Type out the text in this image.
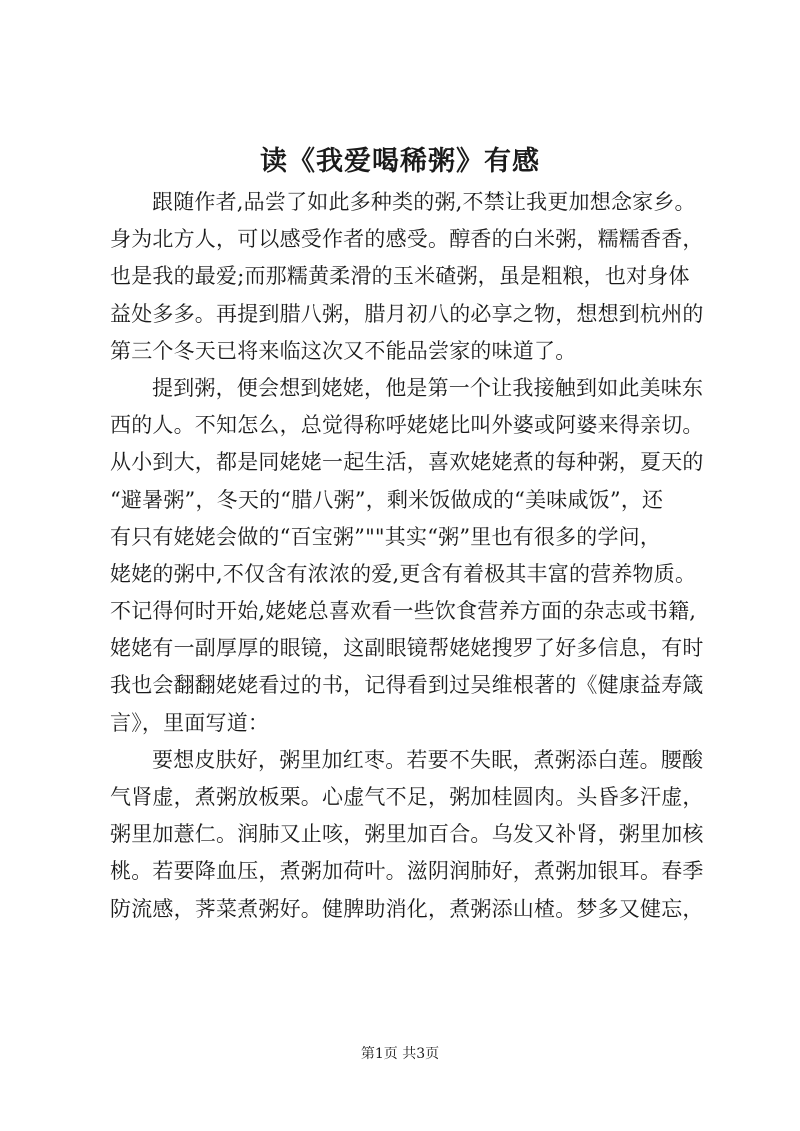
读《我爱喝稀粥》有感
跟随作者,品尝了如此多种类的粥,不禁让我更加想念家乡。
身为北方人，可以感受作者的感受。醇香的白米粥，糯糯香香，
也是我的最爱;而那糯黄柔滑的玉米碴粥，虽是粗粮，也对身体
益处多多。再提到腊八粥，腊月初八的必享之物，想想到杭州的
第三个冬天已将来临这次又不能品尝家的味道了。
提到粥，便会想到姥姥，他是第一个让我接触到如此美味东
西的人。不知怎么，总觉得称呼姥姥比叫外婆或阿婆来得亲切。
从小到大，都是同姥姥一起生活，喜欢姥姥煮的每种粥，夏天的
“避暑粥”，冬天的“腊八粥”，剩米饭做成的“美味咸饭”，还
有只有姥姥会做的“百宝粥”""其实“粥”里也有很多的学问，
姥姥的粥中,不仅含有浓浓的爱,更含有着极其丰富的营养物质。
不记得何时开始,姥姥总喜欢看一些饮食营养方面的杂志或书籍,
姥姥有一副厚厚的眼镜，这副眼镜帮姥姥搜罗了好多信息，有时
我也会翻翻姥姥看过的书，记得看到过吴维根著的《健康益寿箴
言》，里面写道：
要想皮肤好，粥里加红枣。若要不失眠，煮粥添白莲。腰酸
气肾虚，煮粥放板栗。心虚气不足，粥加桂圆肉。头昏多汗虚，
粥里加薏仁。润肺又止咳，粥里加百合。乌发又补肾，粥里加核
桃。若要降血压，煮粥加荷叶。滋阴润肺好，煮粥加银耳。春季
防流感，荠菜煮粥好。健脾助消化，煮粥添山楂。梦多又健忘，
第1页 共3页
